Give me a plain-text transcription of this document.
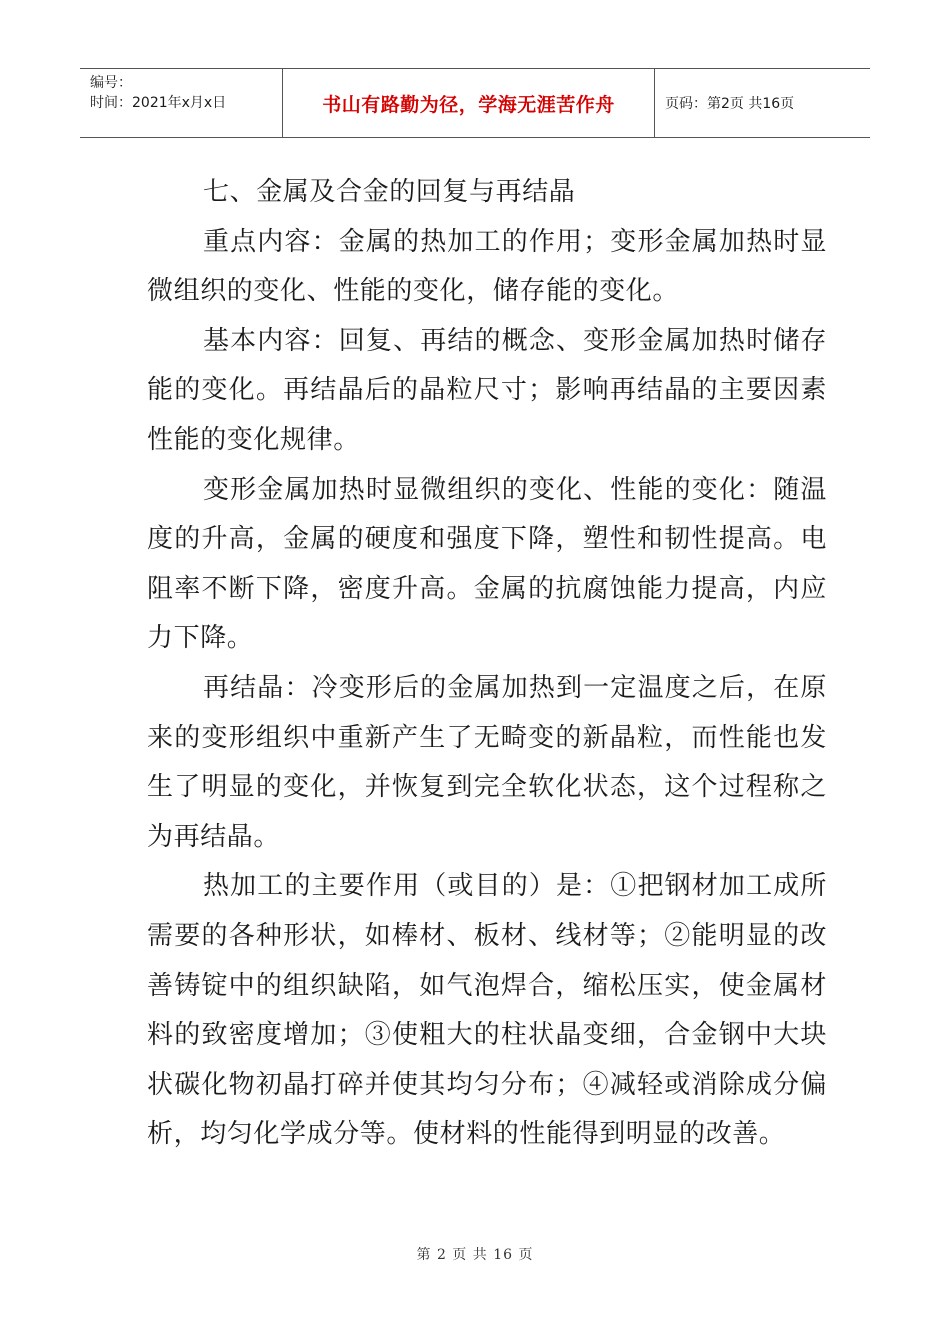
编号：
时间：2021年x月x日	书山有路勤为径，学海无涯苦作舟	页码：第2页 共16页

七、金属及合金的回复与再结晶

重点内容：金属的热加工的作用；变形金属加热时显微组织的变化、性能的变化，储存能的变化。

基本内容：回复、再结的概念、变形金属加热时储存能的变化。再结晶后的晶粒尺寸；影响再结晶的主要因素性能的变化规律。

变形金属加热时显微组织的变化、性能的变化：随温度的升高，金属的硬度和强度下降，塑性和韧性提高。电阻率不断下降，密度升高。金属的抗腐蚀能力提高，内应力下降。

再结晶：冷变形后的金属加热到一定温度之后，在原来的变形组织中重新产生了无畸变的新晶粒，而性能也发生了明显的变化，并恢复到完全软化状态，这个过程称之为再结晶。

热加工的主要作用（或目的）是：①把钢材加工成所需要的各种形状，如棒材、板材、线材等；②能明显的改善铸锭中的组织缺陷，如气泡焊合，缩松压实，使金属材料的致密度增加；③使粗大的柱状晶变细，合金钢中大块状碳化物初晶打碎并使其均匀分布；④减轻或消除成分偏析，均匀化学成分等。使材料的性能得到明显的改善。

第 2 页 共 16 页
